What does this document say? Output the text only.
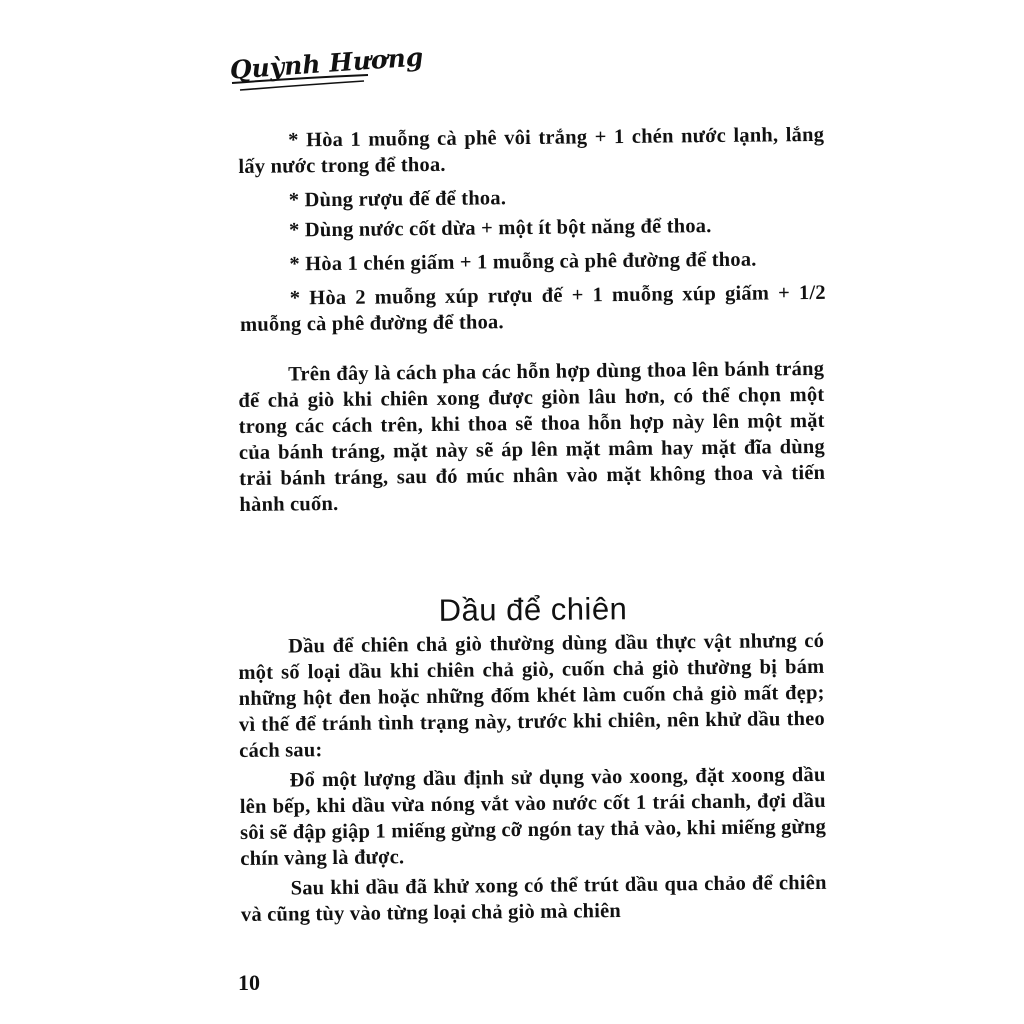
Quỳnh Hương

* Hòa 1 muỗng cà phê vôi trắng + 1 chén nước lạnh, lắng lấy nước trong để thoa.

* Dùng rượu đế để thoa.

* Dùng nước cốt dừa + một ít bột năng để thoa.

* Hòa 1 chén giấm + 1 muỗng cà phê đường để thoa.

* Hòa 2 muỗng xúp rượu đế + 1 muỗng xúp giấm + 1/2 muỗng cà phê đường để thoa.

Trên đây là cách pha các hỗn hợp dùng thoa lên bánh tráng để chả giò khi chiên xong được giòn lâu hơn, có thể chọn một trong các cách trên, khi thoa sẽ thoa hỗn hợp này lên một mặt của bánh tráng, mặt này sẽ áp lên mặt mâm hay mặt đĩa dùng trải bánh tráng, sau đó múc nhân vào mặt không thoa và tiến hành cuốn.

Dầu để chiên

Dầu để chiên chả giò thường dùng dầu thực vật nhưng có một số loại dầu khi chiên chả giò, cuốn chả giò thường bị bám những hột đen hoặc những đốm khét làm cuốn chả giò mất đẹp; vì thế để tránh tình trạng này, trước khi chiên, nên khử dầu theo cách sau:

Đổ một lượng dầu định sử dụng vào xoong, đặt xoong dầu lên bếp, khi dầu vừa nóng vắt vào nước cốt 1 trái chanh, đợi dầu sôi sẽ đập giập 1 miếng gừng cỡ ngón tay thả vào, khi miếng gừng chín vàng là được.

Sau khi dầu đã khử xong có thể trút dầu qua chảo để chiên và cũng tùy vào từng loại chả giò mà chiên

10
